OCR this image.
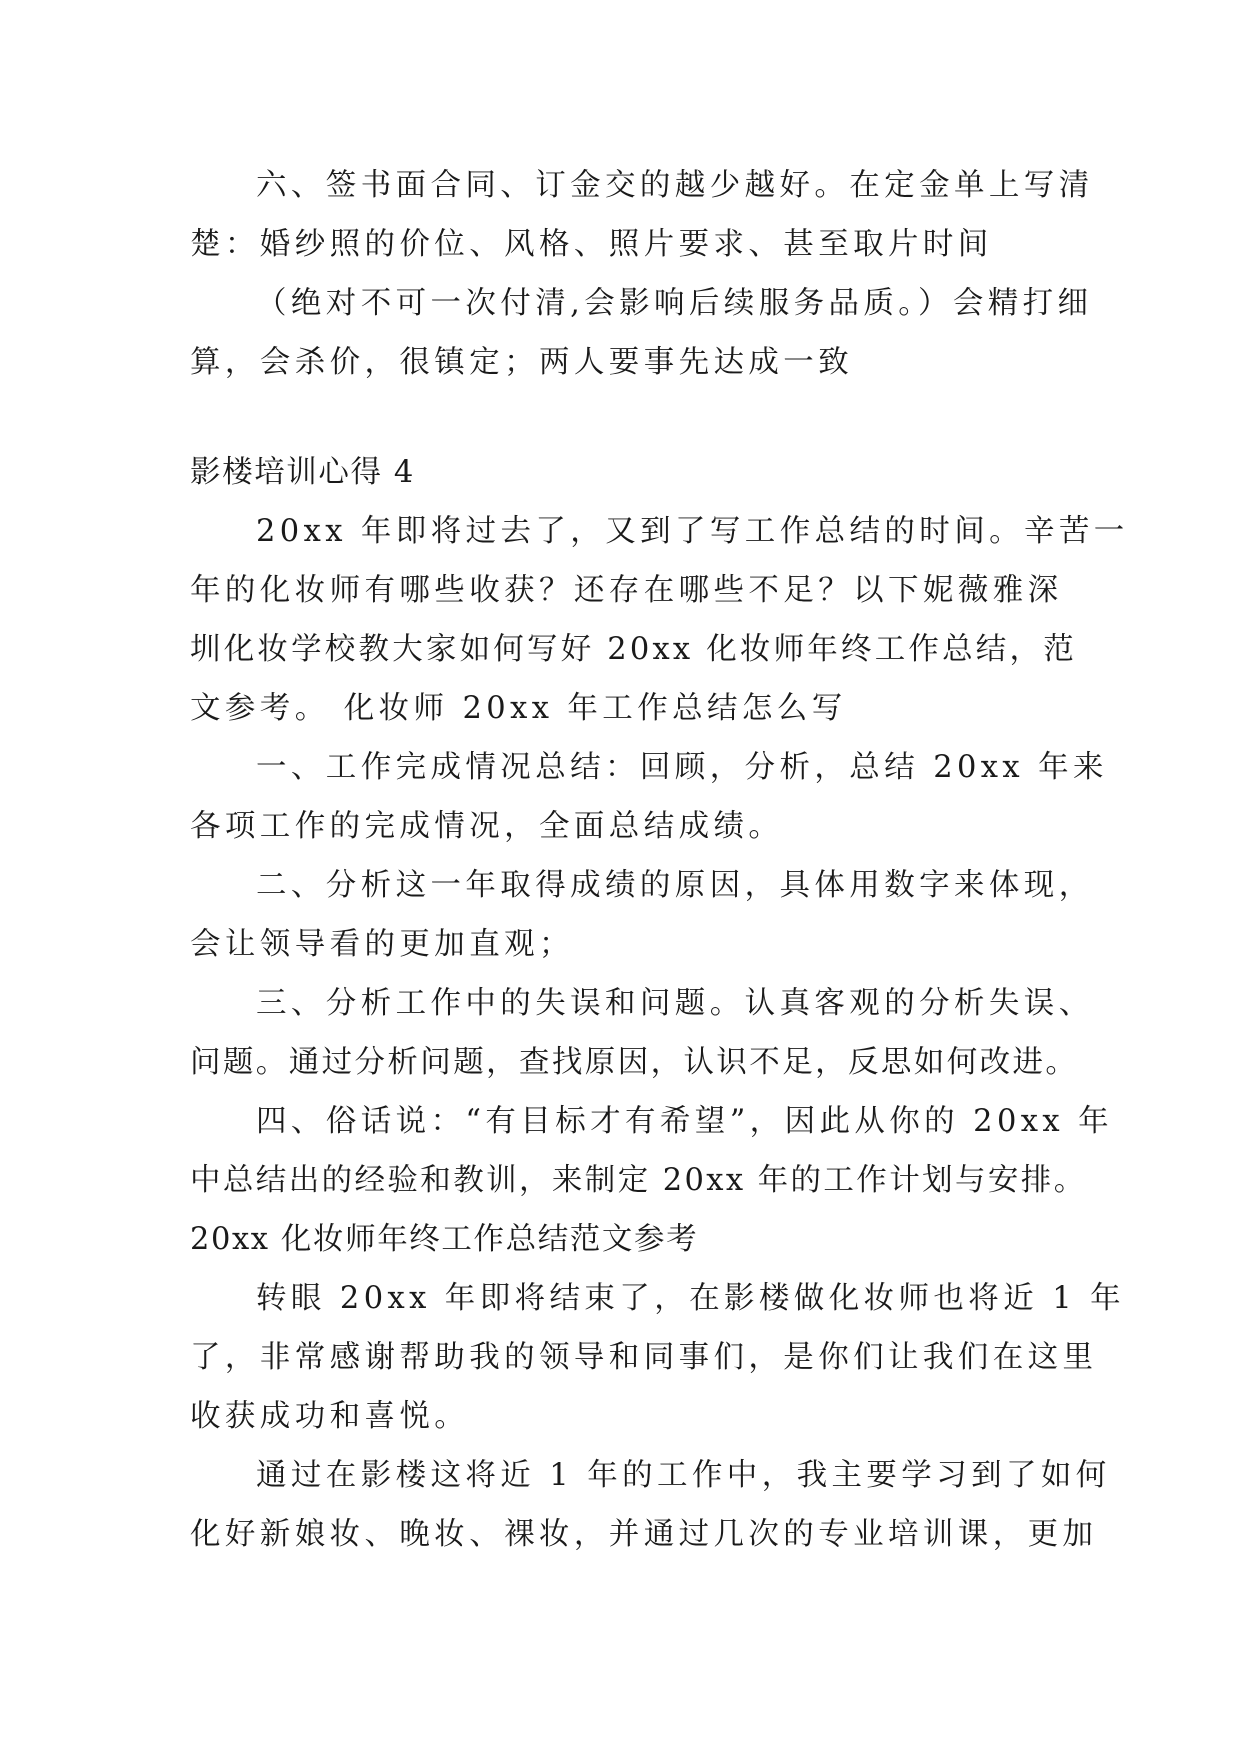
六、签书面合同、订金交的越少越好。在定金单上写清
楚：婚纱照的价位、风格、照片要求、甚至取片时间
（绝对不可一次付清,会影响后续服务品质。）会精打细
算，会杀价，很镇定；两人要事先达成一致
影楼培训心得 4
20xx 年即将过去了，又到了写工作总结的时间。辛苦一
年的化妆师有哪些收获？还存在哪些不足？以下妮薇雅深
圳化妆学校教大家如何写好 20xx 化妆师年终工作总结，范
文参考。 化妆师 20xx 年工作总结怎么写
一、工作完成情况总结：回顾，分析，总结 20xx 年来
各项工作的完成情况，全面总结成绩。
二、分析这一年取得成绩的原因，具体用数字来体现，
会让领导看的更加直观；
三、分析工作中的失误和问题。认真客观的分析失误、
问题。通过分析问题，查找原因，认识不足，反思如何改进。
四、俗话说：“有目标才有希望”，因此从你的 20xx 年
中总结出的经验和教训，来制定 20xx 年的工作计划与安排。
20xx 化妆师年终工作总结范文参考
转眼 20xx 年即将结束了，在影楼做化妆师也将近 1 年
了，非常感谢帮助我的领导和同事们，是你们让我们在这里
收获成功和喜悦。
通过在影楼这将近 1 年的工作中，我主要学习到了如何
化好新娘妆、晚妆、裸妆，并通过几次的专业培训课，更加
